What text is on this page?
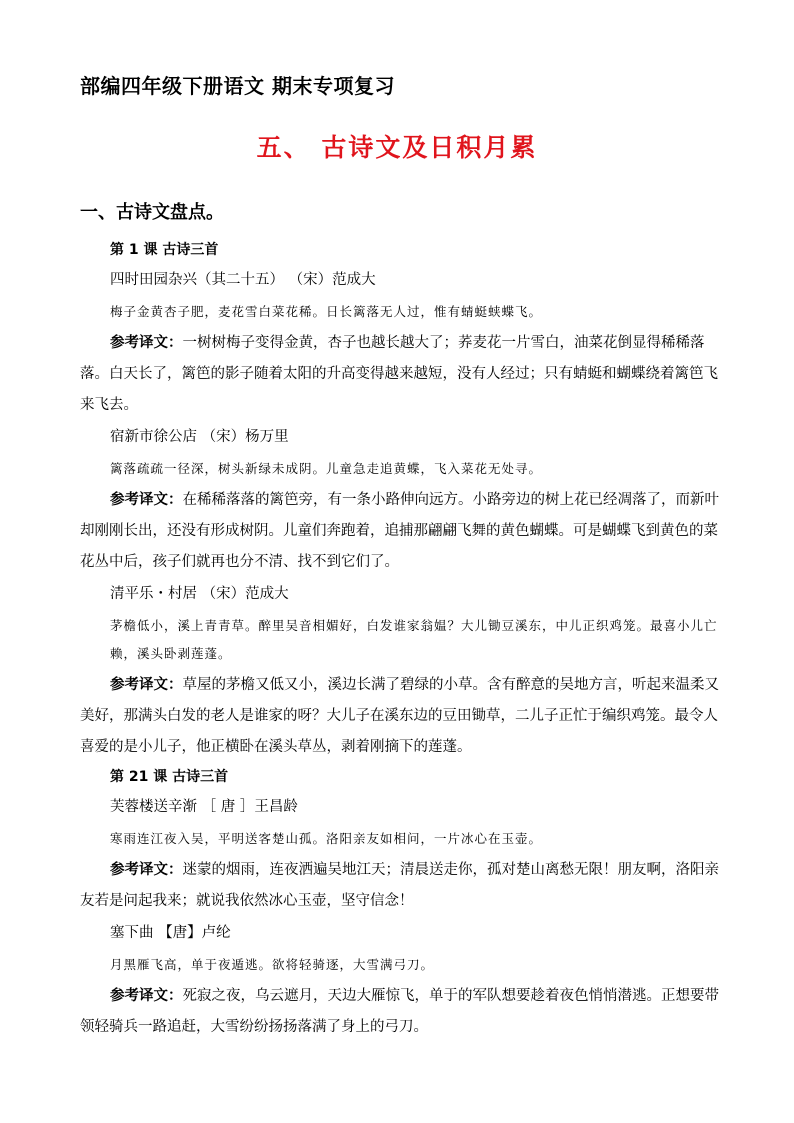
部编四年级下册语文 期末专项复习
五、 古诗文及日积月累
一、古诗文盘点。
第 1 课 古诗三首
四时田园杂兴（其二十五） （宋）范成大
梅子金黄杏子肥，麦花雪白菜花稀。日长篱落无人过，惟有蜻蜓蛱蝶飞。

参考译文：一树树梅子变得金黄，杏子也越长越大了；荞麦花一片雪白，油菜花倒显得稀稀落落。白天长了，篱笆的影子随着太阳的升高变得越来越短，没有人经过；只有蜻蜓和蝴蝶绕着篱笆飞来飞去。

宿新市徐公店 （宋）杨万里
篱落疏疏一径深，树头新绿未成阴。儿童急走追黄蝶，飞入菜花无处寻。

参考译文：在稀稀落落的篱笆旁，有一条小路伸向远方。小路旁边的树上花已经凋落了，而新叶却刚刚长出，还没有形成树阴。儿童们奔跑着，追捕那翩翩飞舞的黄色蝴蝶。可是蝴蝶飞到黄色的菜花丛中后，孩子们就再也分不清、找不到它们了。

清平乐・村居 （宋）范成大
茅檐低小，溪上青青草。醉里吴音相媚好，白发谁家翁媪？大儿锄豆溪东，中儿正织鸡笼。最喜小儿亡赖，溪头卧剥莲蓬。

参考译文：草屋的茅檐又低又小，溪边长满了碧绿的小草。含有醉意的吴地方言，听起来温柔又美好，那满头白发的老人是谁家的呀？大儿子在溪东边的豆田锄草，二儿子正忙于编织鸡笼。最令人喜爱的是小儿子，他正横卧在溪头草丛，剥着刚摘下的莲蓬。

第 21 课 古诗三首
芙蓉楼送辛渐 ［ 唐 ］王昌龄
寒雨连江夜入吴，平明送客楚山孤。洛阳亲友如相问，一片冰心在玉壶。

参考译文：迷蒙的烟雨，连夜洒遍吴地江天；清晨送走你，孤对楚山离愁无限！朋友啊，洛阳亲友若是问起我来；就说我依然冰心玉壶，坚守信念！

塞下曲 【唐】卢纶
月黑雁飞高，单于夜遁逃。欲将轻骑逐，大雪满弓刀。

参考译文：死寂之夜，乌云遮月，天边大雁惊飞，单于的军队想要趁着夜色悄悄潜逃。正想要带领轻骑兵一路追赶，大雪纷纷扬扬落满了身上的弓刀。
